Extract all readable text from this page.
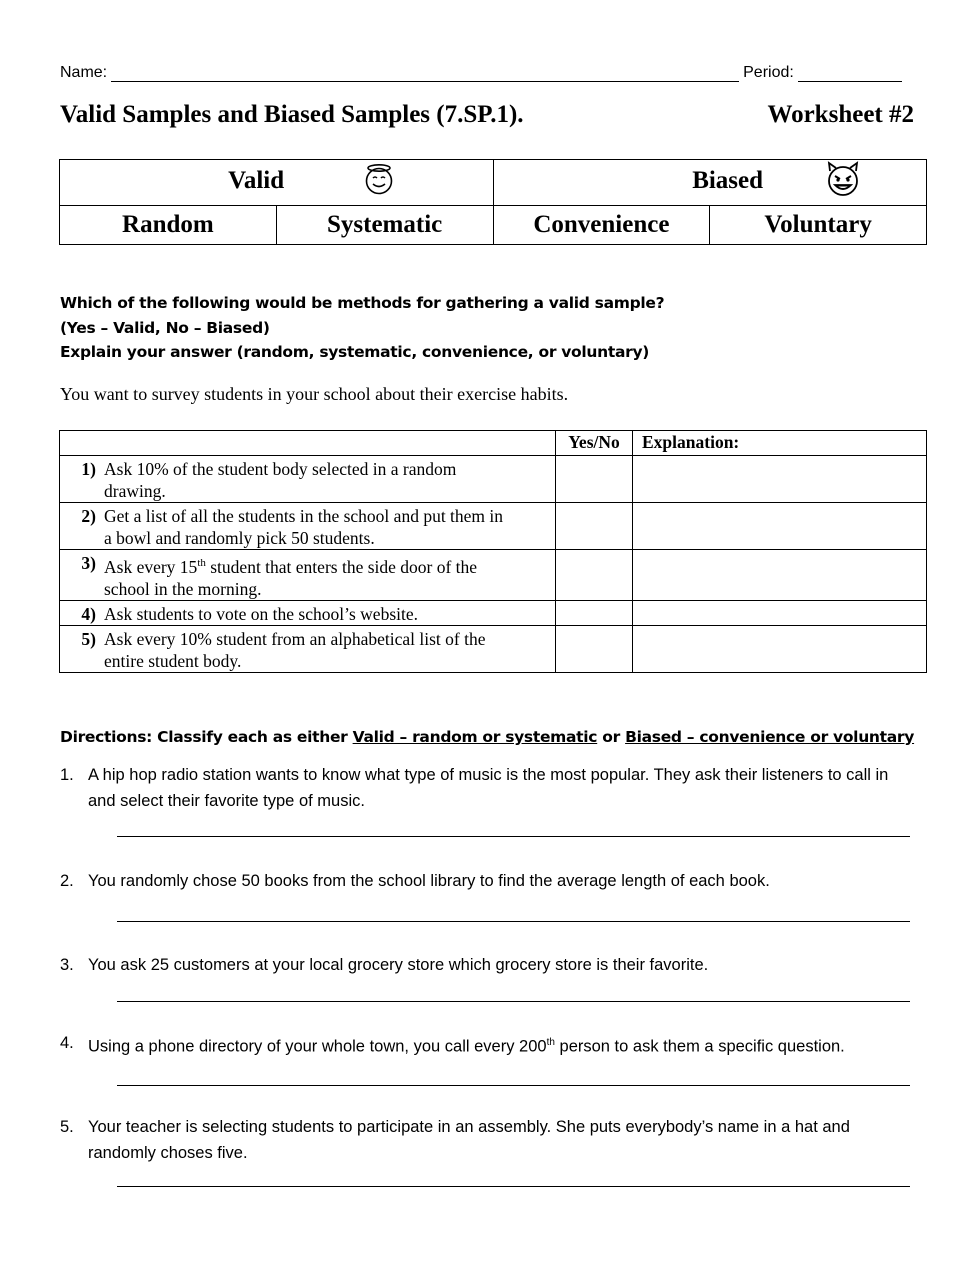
Name:	Period:
Valid Samples and Biased Samples (7.SP.1).	Worksheet #2
Valid		Biased	
Random	Systematic	Convenience	Voluntary
Which of the following would be methods for gathering a valid sample?
(Yes – Valid, No – Biased)
Explain your answer (random, systematic, convenience, or voluntary)
You want to survey students in your school about their exercise habits.
	Yes/No	Explanation:
1) Ask 10% of the student body selected in a random
drawing.		
2) Get a list of all the students in the school and put them in
a bowl and randomly pick 50 students.		
3) Ask every 15th student that enters the side door of the
school in the morning.		
4) Ask students to vote on the school’s website.		
5) Ask every 10% student from an alphabetical list of the
entire student body.		
Directions: Classify each as either Valid – random or systematic or Biased – convenience or voluntary
1. A hip hop radio station wants to know what type of music is the most popular. They ask their listeners to call in and select their favorite type of music.
2. You randomly chose 50 books from the school library to find the average length of each book.
3. You ask 25 customers at your local grocery store which grocery store is their favorite.
4. Using a phone directory of your whole town, you call every 200th person to ask them a specific question.
5. Your teacher is selecting students to participate in an assembly. She puts everybody’s name in a hat and randomly choses five.
